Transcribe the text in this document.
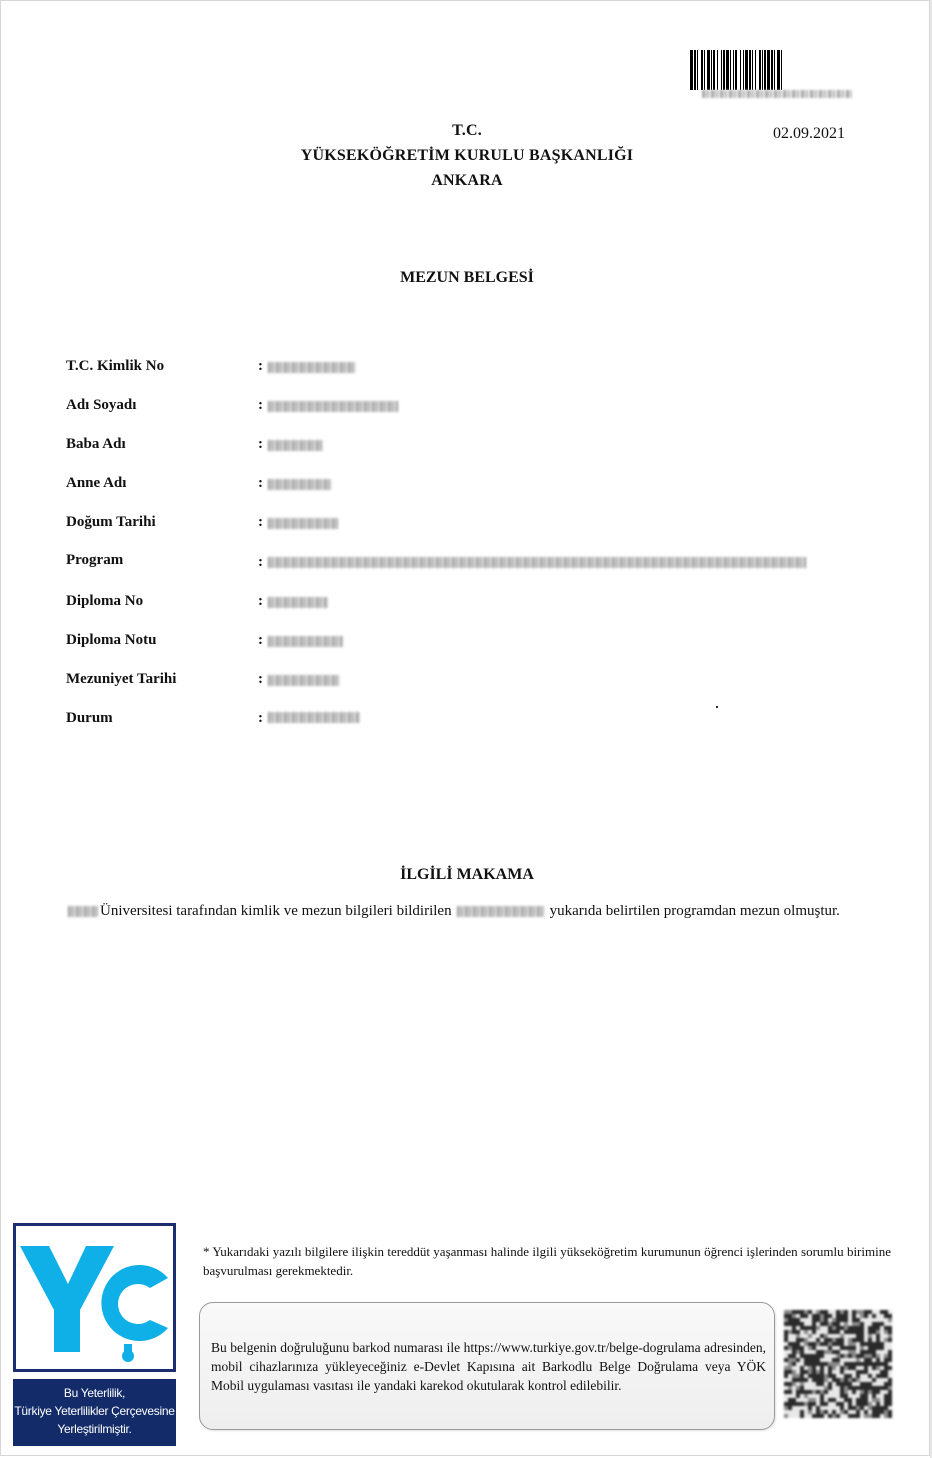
02.09.2021
T.C.
YÜKSEKÖĞRETİM KURULU BAŞKANLIĞI
ANKARA
MEZUN BELGESİ
T.C. Kimlik No	:
Adı Soyadı	:
Baba Adı	:
Anne Adı	:
Doğum Tarihi	:
Program	:
Diploma No	:
Diploma Notu	:
Mezuniyet Tarihi	:
Durum	:
İLGİLİ MAKAMA
Üniversitesi tarafından kimlik ve mezun bilgileri bildirilen	yukarıda belirtilen programdan mezun olmuştur.
Bu Yeterlilik,
Türkiye Yeterlilikler Çerçevesine
Yerleştirilmiştir.
* Yukarıdaki yazılı bilgilere ilişkin tereddüt yaşanması halinde ilgili yükseköğretim kurumunun öğrenci işlerinden sorumlu birimine başvurulması gerekmektedir.
Bu belgenin doğruluğunu barkod numarası ile https://www.turkiye.gov.tr/belge-dogrulama adresinden, mobil cihazlarınıza yükleyeceğiniz e-Devlet Kapısına ait Barkodlu Belge Doğrulama veya YÖK Mobil uygulaması vasıtası ile yandaki karekod okutularak kontrol edilebilir.
